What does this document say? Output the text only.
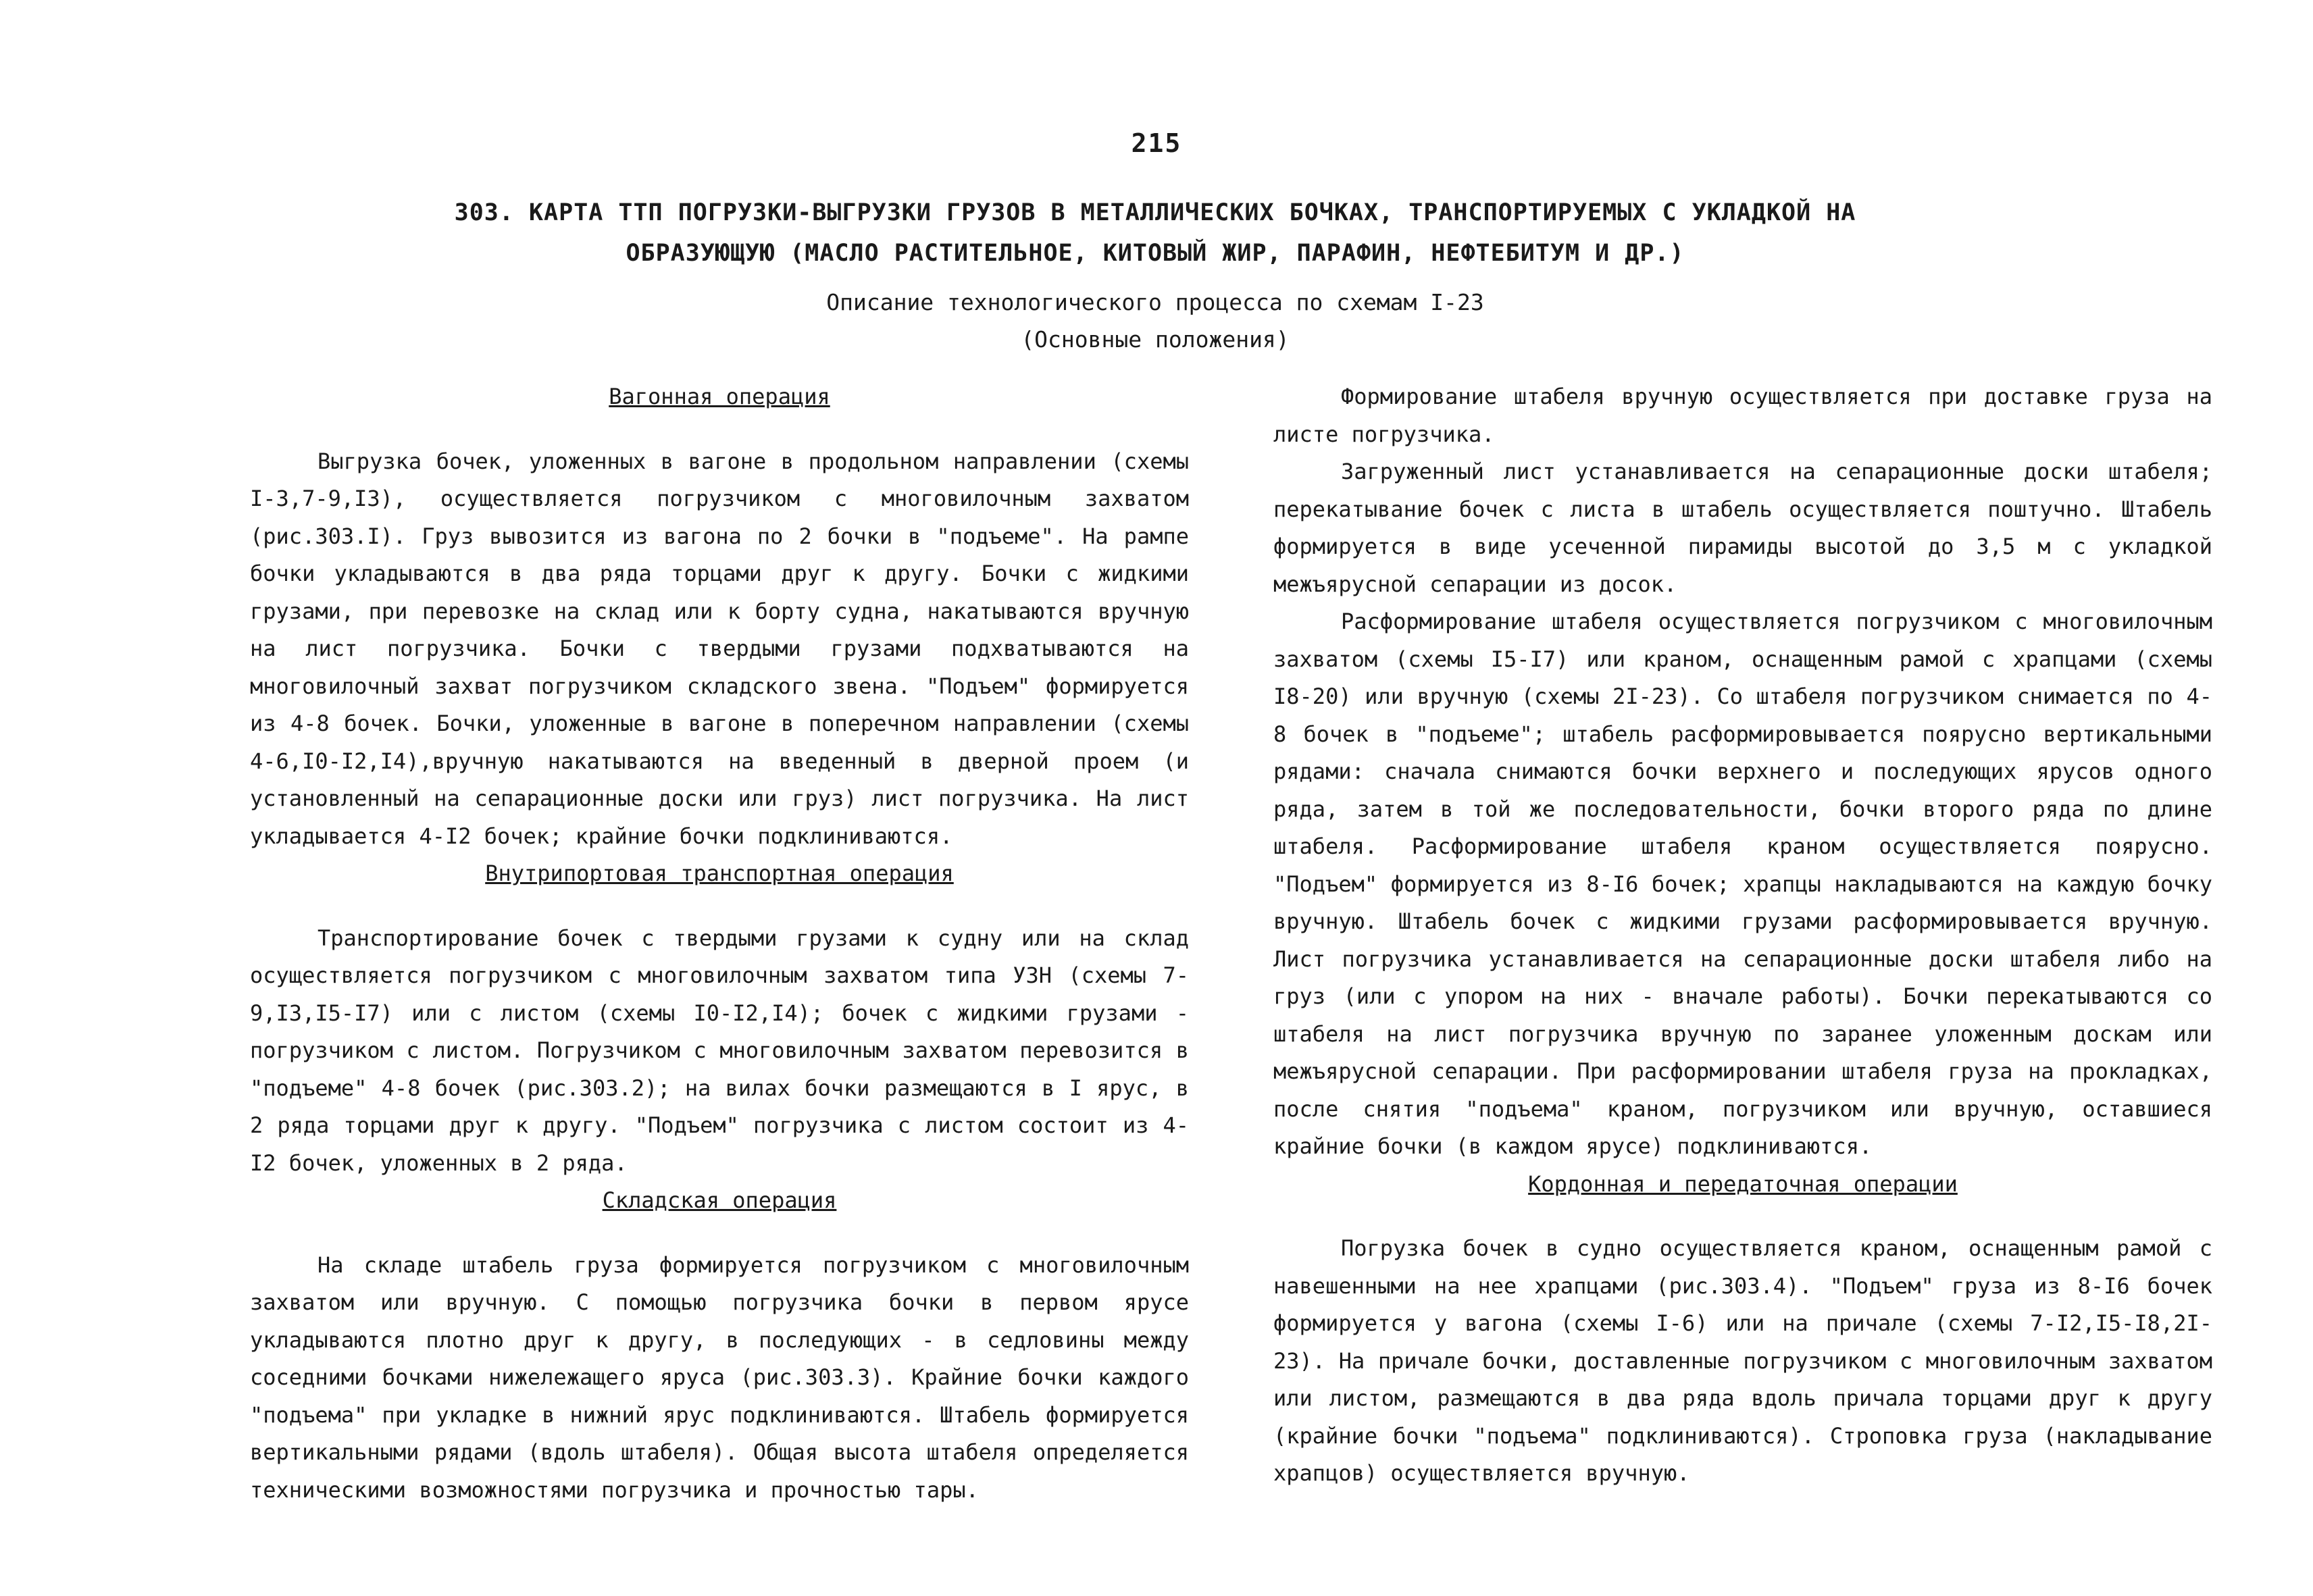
215
303. КАРТА ТТП ПОГРУЗКИ-ВЫГРУЗКИ ГРУЗОВ В МЕТАЛЛИЧЕСКИХ БОЧКАХ, ТРАНСПОРТИРУЕМЫХ С УКЛАДКОЙ НА
ОБРАЗУЮЩУЮ (МАСЛО РАСТИТЕЛЬНОЕ, КИТОВЫЙ ЖИР, ПАРАФИН, НЕФТЕБИТУМ И ДР.)
Описание технологического процесса по схемам I-23
(Основные положения)

Вагонная операция

Выгрузка бочек, уложенных в вагоне в продольном направлении (схемы I-3,7-9,I3), осуществляется погрузчиком с многовилочным захватом (рис.303.I). Груз вывозится из вагона по 2 бочки в "подъеме". На рампе бочки укладываются в два ряда торцами друг к другу. Бочки с жидкими грузами, при перевозке на склад или к борту судна, накатываются вручную на лист погрузчика. Бочки с твердыми грузами подхватываются на многовилочный захват погрузчиком складского звена. "Подъем" формируется из 4-8 бочек. Бочки, уложенные в вагоне в поперечном направлении (схемы 4-6,I0-I2,I4),вручную накатываются на введенный в дверной проем (и установленный на сепарационные доски или груз) лист погрузчика. На лист укладывается 4-I2 бочек; крайние бочки подклиниваются.

Внутрипортовая транспортная операция

Транспортирование бочек с твердыми грузами к судну или на склад осуществляется погрузчиком с многовилочным захватом типа УЗН (схемы 7-9,I3,I5-I7) или с листом (схемы I0-I2,I4); бочек с жидкими грузами - погрузчиком с листом. Погрузчиком с многовилочным захватом перевозится в "подъеме" 4-8 бочек (рис.303.2); на вилах бочки размещаются в I ярус, в 2 ряда торцами друг к другу. "Подъем" погрузчика с листом состоит из 4-I2 бочек, уложенных в 2 ряда.

Складская операция

На складе штабель груза формируется погрузчиком с многовилочным захватом или вручную. С помощью погрузчика бочки в первом ярусе укладываются плотно друг к другу, в последующих - в седловины между соседними бочками нижележащего яруса (рис.303.3). Крайние бочки каждого "подъема" при укладке в нижний ярус подклиниваются. Штабель формируется вертикальными рядами (вдоль штабеля). Общая высота штабеля определяется техническими возможностями погрузчика и прочностью тары.

Формирование штабеля вручную осуществляется при доставке груза на листе погрузчика.

Загруженный лист устанавливается на сепарационные доски штабеля; перекатывание бочек с листа в штабель осуществляется поштучно. Штабель формируется в виде усеченной пирамиды высотой до 3,5 м с укладкой межъярусной сепарации из досок.

Расформирование штабеля осуществляется погрузчиком с многовилочным захватом (схемы I5-I7) или краном, оснащенным рамой с храпцами (схемы I8-20) или вручную (схемы 2I-23). Со штабеля погрузчиком снимается по 4-8 бочек в "подъеме"; штабель расформировывается поярусно вертикальными рядами: сначала снимаются бочки верхнего и последующих ярусов одного ряда, затем в той же последовательности, бочки второго ряда по длине штабеля. Расформирование штабеля краном осуществляется поярусно. "Подъем" формируется из 8-I6 бочек; храпцы накладываются на каждую бочку вручную. Штабель бочек с жидкими грузами расформировывается вручную. Лист погрузчика устанавливается на сепарационные доски штабеля либо на груз (или с упором на них - вначале работы). Бочки перекатываются со штабеля на лист погрузчика вручную по заранее уложенным доскам или межъярусной сепарации. При расформировании штабеля груза на прокладках, после снятия "подъема" краном, погрузчиком или вручную, оставшиеся крайние бочки (в каждом ярусе) подклиниваются.

Кордонная и передаточная операции

Погрузка бочек в судно осуществляется краном, оснащенным рамой с навешенными на нее храпцами (рис.303.4). "Подъем" груза из 8-I6 бочек формируется у вагона (схемы I-6) или на причале (схемы 7-I2,I5-I8,2I-23). На причале бочки, доставленные погрузчиком с многовилочным захватом или листом, размещаются в два ряда вдоль причала торцами друг к другу (крайние бочки "подъема" подклиниваются). Строповка груза (накладывание храпцов) осуществляется вручную.
